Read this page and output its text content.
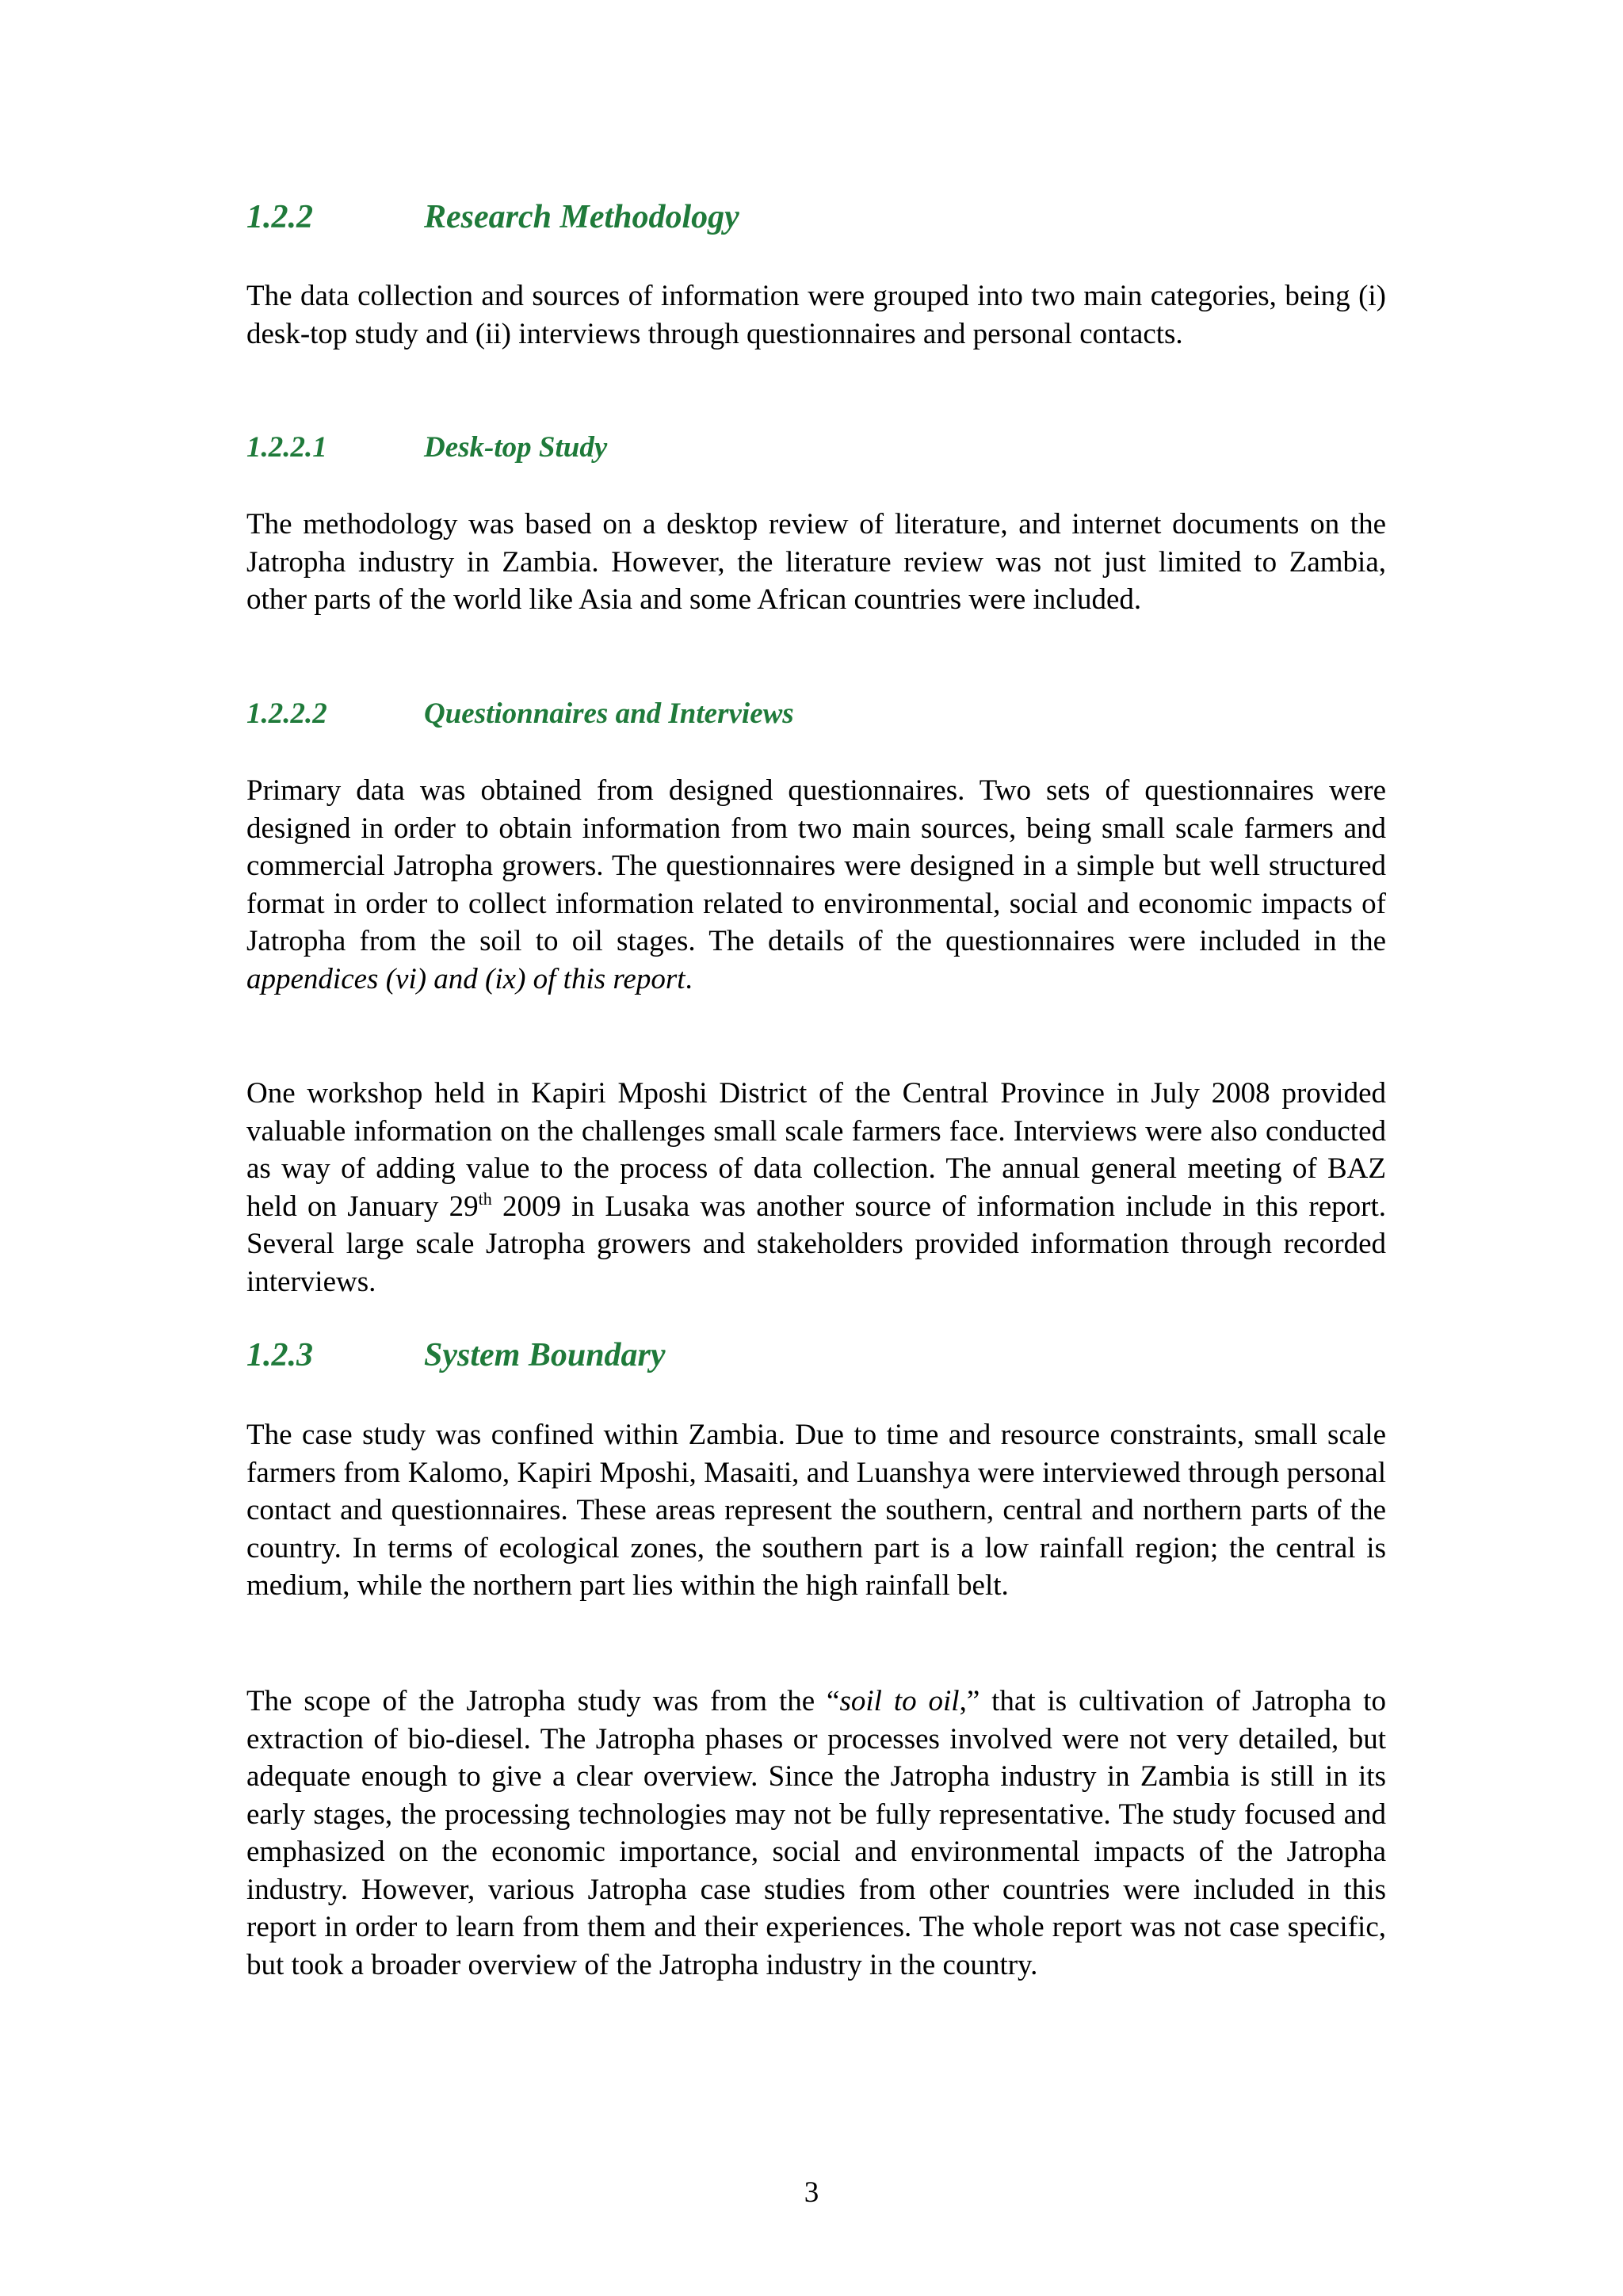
1.2.2	Research Methodology

The data collection and sources of information were grouped into two main categories, being (i) desk-top study and (ii) interviews through questionnaires and personal contacts.

1.2.2.1	Desk-top Study

The methodology was based on a desktop review of literature, and internet documents on the Jatropha industry in Zambia. However, the literature review was not just limited to Zambia, other parts of the world like Asia and some African countries were included.

1.2.2.2	Questionnaires and Interviews

Primary data was obtained from designed questionnaires. Two sets of questionnaires were designed in order to obtain information from two main sources, being small scale farmers and commercial Jatropha growers. The questionnaires were designed in a simple but well structured format in order to collect information related to environmental, social and economic impacts of Jatropha from the soil to oil stages. The details of the questionnaires were included in the appendices (vi) and (ix) of this report.

One workshop held in Kapiri Mposhi District of the Central Province in July 2008 provided valuable information on the challenges small scale farmers face. Interviews were also conducted as way of adding value to the process of data collection. The annual general meeting of BAZ held on January 29th 2009 in Lusaka was another source of information include in this report. Several large scale Jatropha growers and stakeholders provided information through recorded interviews.

1.2.3	System Boundary

The case study was confined within Zambia. Due to time and resource constraints, small scale farmers from Kalomo, Kapiri Mposhi, Masaiti, and Luanshya were interviewed through personal contact and questionnaires. These areas represent the southern, central and northern parts of the country. In terms of ecological zones, the southern part is a low rainfall region; the central is medium, while the northern part lies within the high rainfall belt.

The scope of the Jatropha study was from the “soil to oil,” that is cultivation of Jatropha to extraction of bio-diesel. The Jatropha phases or processes involved were not very detailed, but adequate enough to give a clear overview. Since the Jatropha industry in Zambia is still in its early stages, the processing technologies may not be fully representative. The study focused and emphasized on the economic importance, social and environmental impacts of the Jatropha industry. However, various Jatropha case studies from other countries were included in this report in order to learn from them and their experiences. The whole report was not case specific, but took a broader overview of the Jatropha industry in the country.

3
